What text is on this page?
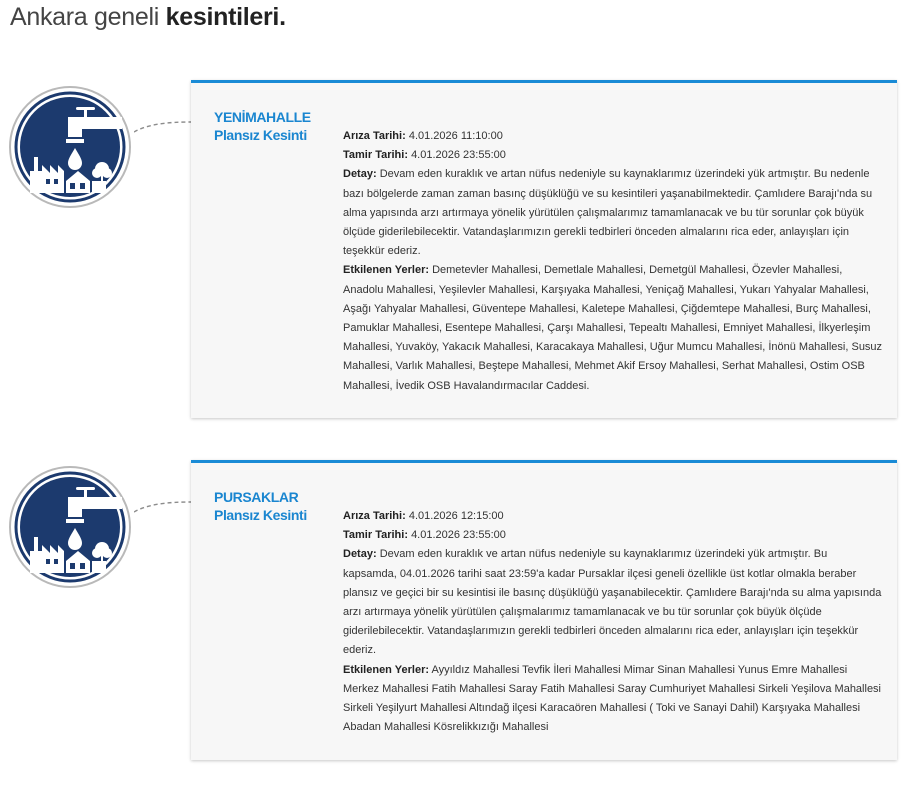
Ankara geneli kesintileri.
YENİMAHALLE
Plansız Kesinti	Arıza Tarihi: 4.01.2026 11:10:00

Tamir Tarihi: 4.01.2026 23:55:00

Detay: Devam eden kuraklık ve artan nüfus nedeniyle su kaynaklarımız üzerindeki yük artmıştır. Bu nedenle bazı bölgelerde zaman zaman basınç düşüklüğü ve su kesintileri yaşanabilmektedir. Çamlıdere Barajı'nda su alma yapısında arzı artırmaya yönelik yürütülen çalışmalarımız tamamlanacak ve bu tür sorunlar çok büyük ölçüde giderilebilecektir. Vatandaşlarımızın gerekli tedbirleri önceden almalarını rica eder, anlayışları için teşekkür ederiz.

Etkilenen Yerler: Demetevler Mahallesi, Demetlale Mahallesi, Demetgül Mahallesi, Özevler Mahallesi, Anadolu Mahallesi, Yeşilevler Mahallesi, Karşıyaka Mahallesi, Yeniçağ Mahallesi, Yukarı Yahyalar Mahallesi, Aşağı Yahyalar Mahallesi, Güventepe Mahallesi, Kaletepe Mahallesi, Çiğdemtepe Mahallesi, Burç Mahallesi, Pamuklar Mahallesi, Esentepe Mahallesi, Çarşı Mahallesi, Tepealtı Mahallesi, Emniyet Mahallesi, İlkyerleşim Mahallesi, Yuvaköy, Yakacık Mahallesi, Karacakaya Mahallesi, Uğur Mumcu Mahallesi, İnönü Mahallesi, Susuz Mahallesi, Varlık Mahallesi, Beştepe Mahallesi, Mehmet Akif Ersoy Mahallesi, Serhat Mahallesi, Ostim OSB Mahallesi, İvedik OSB Havalandırmacılar Caddesi.

PURSAKLAR
Plansız Kesinti	Arıza Tarihi: 4.01.2026 12:15:00

Tamir Tarihi: 4.01.2026 23:55:00

Detay: Devam eden kuraklık ve artan nüfus nedeniyle su kaynaklarımız üzerindeki yük artmıştır. Bu kapsamda, 04.01.2026 tarihi saat 23:59'a kadar Pursaklar ilçesi geneli özellikle üst kotlar olmakla beraber plansız ve geçici bir su kesintisi ile basınç düşüklüğü yaşanabilecektir. Çamlıdere Barajı'nda su alma yapısında arzı artırmaya yönelik yürütülen çalışmalarımız tamamlanacak ve bu tür sorunlar çok büyük ölçüde giderilebilecektir. Vatandaşlarımızın gerekli tedbirleri önceden almalarını rica eder, anlayışları için teşekkür ederiz.

Etkilenen Yerler: Ayyıldız Mahallesi Tevfik İleri Mahallesi Mimar Sinan Mahallesi Yunus Emre Mahallesi Merkez Mahallesi Fatih Mahallesi Saray Fatih Mahallesi Saray Cumhuriyet Mahallesi Sirkeli Yeşilova Mahallesi Sirkeli Yeşilyurt Mahallesi Altındağ ilçesi Karacaören Mahallesi ( Toki ve Sanayi Dahil) Karşıyaka Mahallesi Abadan Mahallesi Kösrelikkızığı Mahallesi
